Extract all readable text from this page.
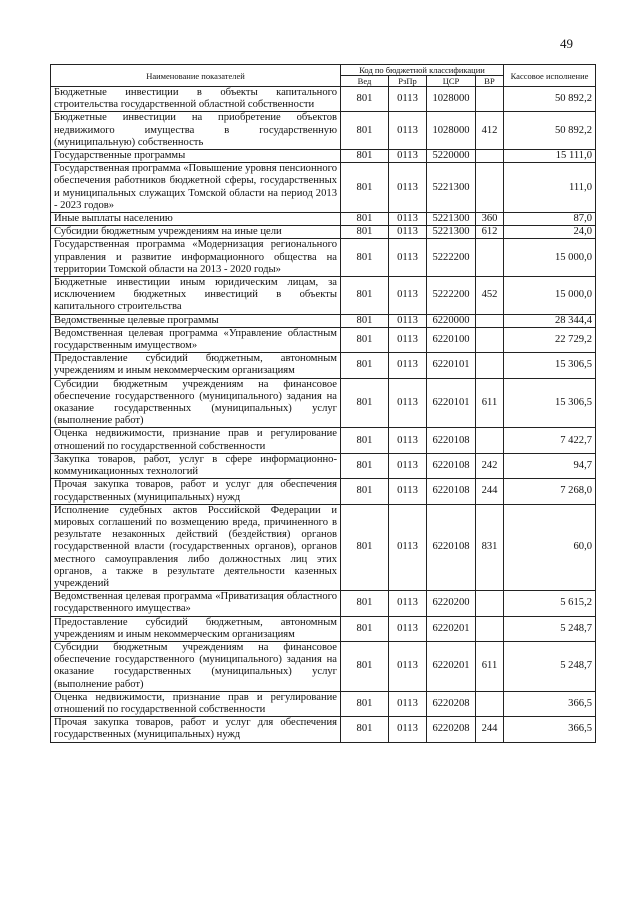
49
Наименование показателей	Код по бюджетной классификации				Кассовое исполнение
	Вед	РзПр	ЦСР	ВР	
Бюджетные инвестиции в объекты капитального строительства государственной областной собственности	801	0113	1028000		50 892,2
Бюджетные инвестиции на приобретение объектов недвижимого имущества в государственную (муниципальную) собственность	801	0113	1028000	412	50 892,2
Государственные программы	801	0113	5220000		15 111,0
Государственная программа «Повышение уровня пенсионного обеспечения работников бюджетной сферы, государственных и муниципальных служащих Томской области на период 2013 - 2023 годов»	801	0113	5221300		111,0
Иные выплаты населению	801	0113	5221300	360	87,0
Субсидии бюджетным учреждениям на иные цели	801	0113	5221300	612	24,0
Государственная программа «Модернизация регионального управления и развитие информационного общества на территории Томской области на 2013 - 2020 годы»	801	0113	5222200		15 000,0
Бюджетные инвестиции иным юридическим лицам, за исключением бюджетных инвестиций в объекты капитального строительства	801	0113	5222200	452	15 000,0
Ведомственные целевые программы	801	0113	6220000		28 344,4
Ведомственная целевая программа «Управление областным государственным имуществом»	801	0113	6220100		22 729,2
Предоставление субсидий бюджетным, автономным учреждениям и иным некоммерческим организациям	801	0113	6220101		15 306,5
Субсидии бюджетным учреждениям на финансовое обеспечение государственного (муниципального) задания на оказание государственных (муниципальных) услуг (выполнение работ)	801	0113	6220101	611	15 306,5
Оценка недвижимости, признание прав и регулирование отношений по государственной собственности	801	0113	6220108		7 422,7
Закупка товаров, работ, услуг в сфере информационно-коммуникационных технологий	801	0113	6220108	242	94,7
Прочая закупка товаров, работ и услуг для обеспечения государственных (муниципальных) нужд	801	0113	6220108	244	7 268,0
Исполнение судебных актов Российской Федерации и мировых соглашений по возмещению вреда, причиненного в результате незаконных действий (бездействия) органов государственной власти (государственных органов), органов местного самоуправления либо должностных лиц этих органов, а также в результате деятельности казенных учреждений	801	0113	6220108	831	60,0
Ведомственная целевая программа «Приватизация областного государственного имущества»	801	0113	6220200		5 615,2
Предоставление субсидий бюджетным, автономным учреждениям и иным некоммерческим организациям	801	0113	6220201		5 248,7
Субсидии бюджетным учреждениям на финансовое обеспечение государственного (муниципального) задания на оказание государственных (муниципальных) услуг (выполнение работ)	801	0113	6220201	611	5 248,7
Оценка недвижимости, признание прав и регулирование отношений по государственной собственности	801	0113	6220208		366,5
Прочая закупка товаров, работ и услуг для обеспечения государственных (муниципальных) нужд	801	0113	6220208	244	366,5
